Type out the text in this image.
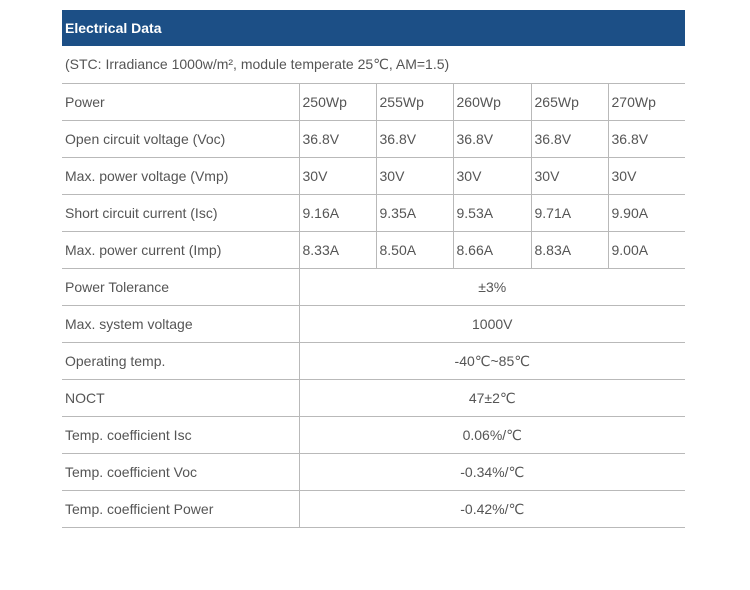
Electrical Data
(STC: Irradiance 1000w/m², module temperate 25℃, AM=1.5)
Power	250Wp	255Wp	260Wp	265Wp	270Wp
Open circuit voltage (Voc)	36.8V	36.8V	36.8V	36.8V	36.8V
Max. power voltage (Vmp)	30V	30V	30V	30V	30V
Short circuit current (Isc)	9.16A	9.35A	9.53A	9.71A	9.90A
Max. power current (Imp)	8.33A	8.50A	8.66A	8.83A	9.00A
Power Tolerance	±3%				
Max. system voltage	1000V				
Operating temp.	-40℃~85℃				
NOCT	47±2℃				
Temp. coefficient Isc	0.06%/℃				
Temp. coefficient Voc	-0.34%/℃				
Temp. coefficient Power	-0.42%/℃				
